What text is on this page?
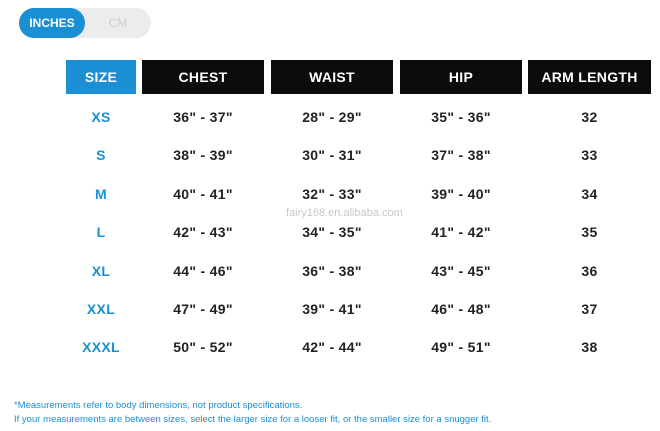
INCHES	CM
SIZE	CHEST	WAIST	HIP	ARM LENGTH
XS	36" - 37"	28" - 29"	35" - 36"	32
S	38" - 39"	30" - 31"	37" - 38"	33
M	40" - 41"	32" - 33"	39" - 40"	34
L	42" - 43"	34" - 35"	41" - 42"	35
XL	44" - 46"	36" - 38"	43" - 45"	36
XXL	47" - 49"	39" - 41"	46" - 48"	37
XXXL	50" - 52"	42" - 44"	49" - 51"	38
fairy168.en.alibaba.com
*Measurements refer to body dimensions, not product specifications.
If your measurements are between sizes, select the larger size for a looser fit, or the smaller size for a snugger fit.
